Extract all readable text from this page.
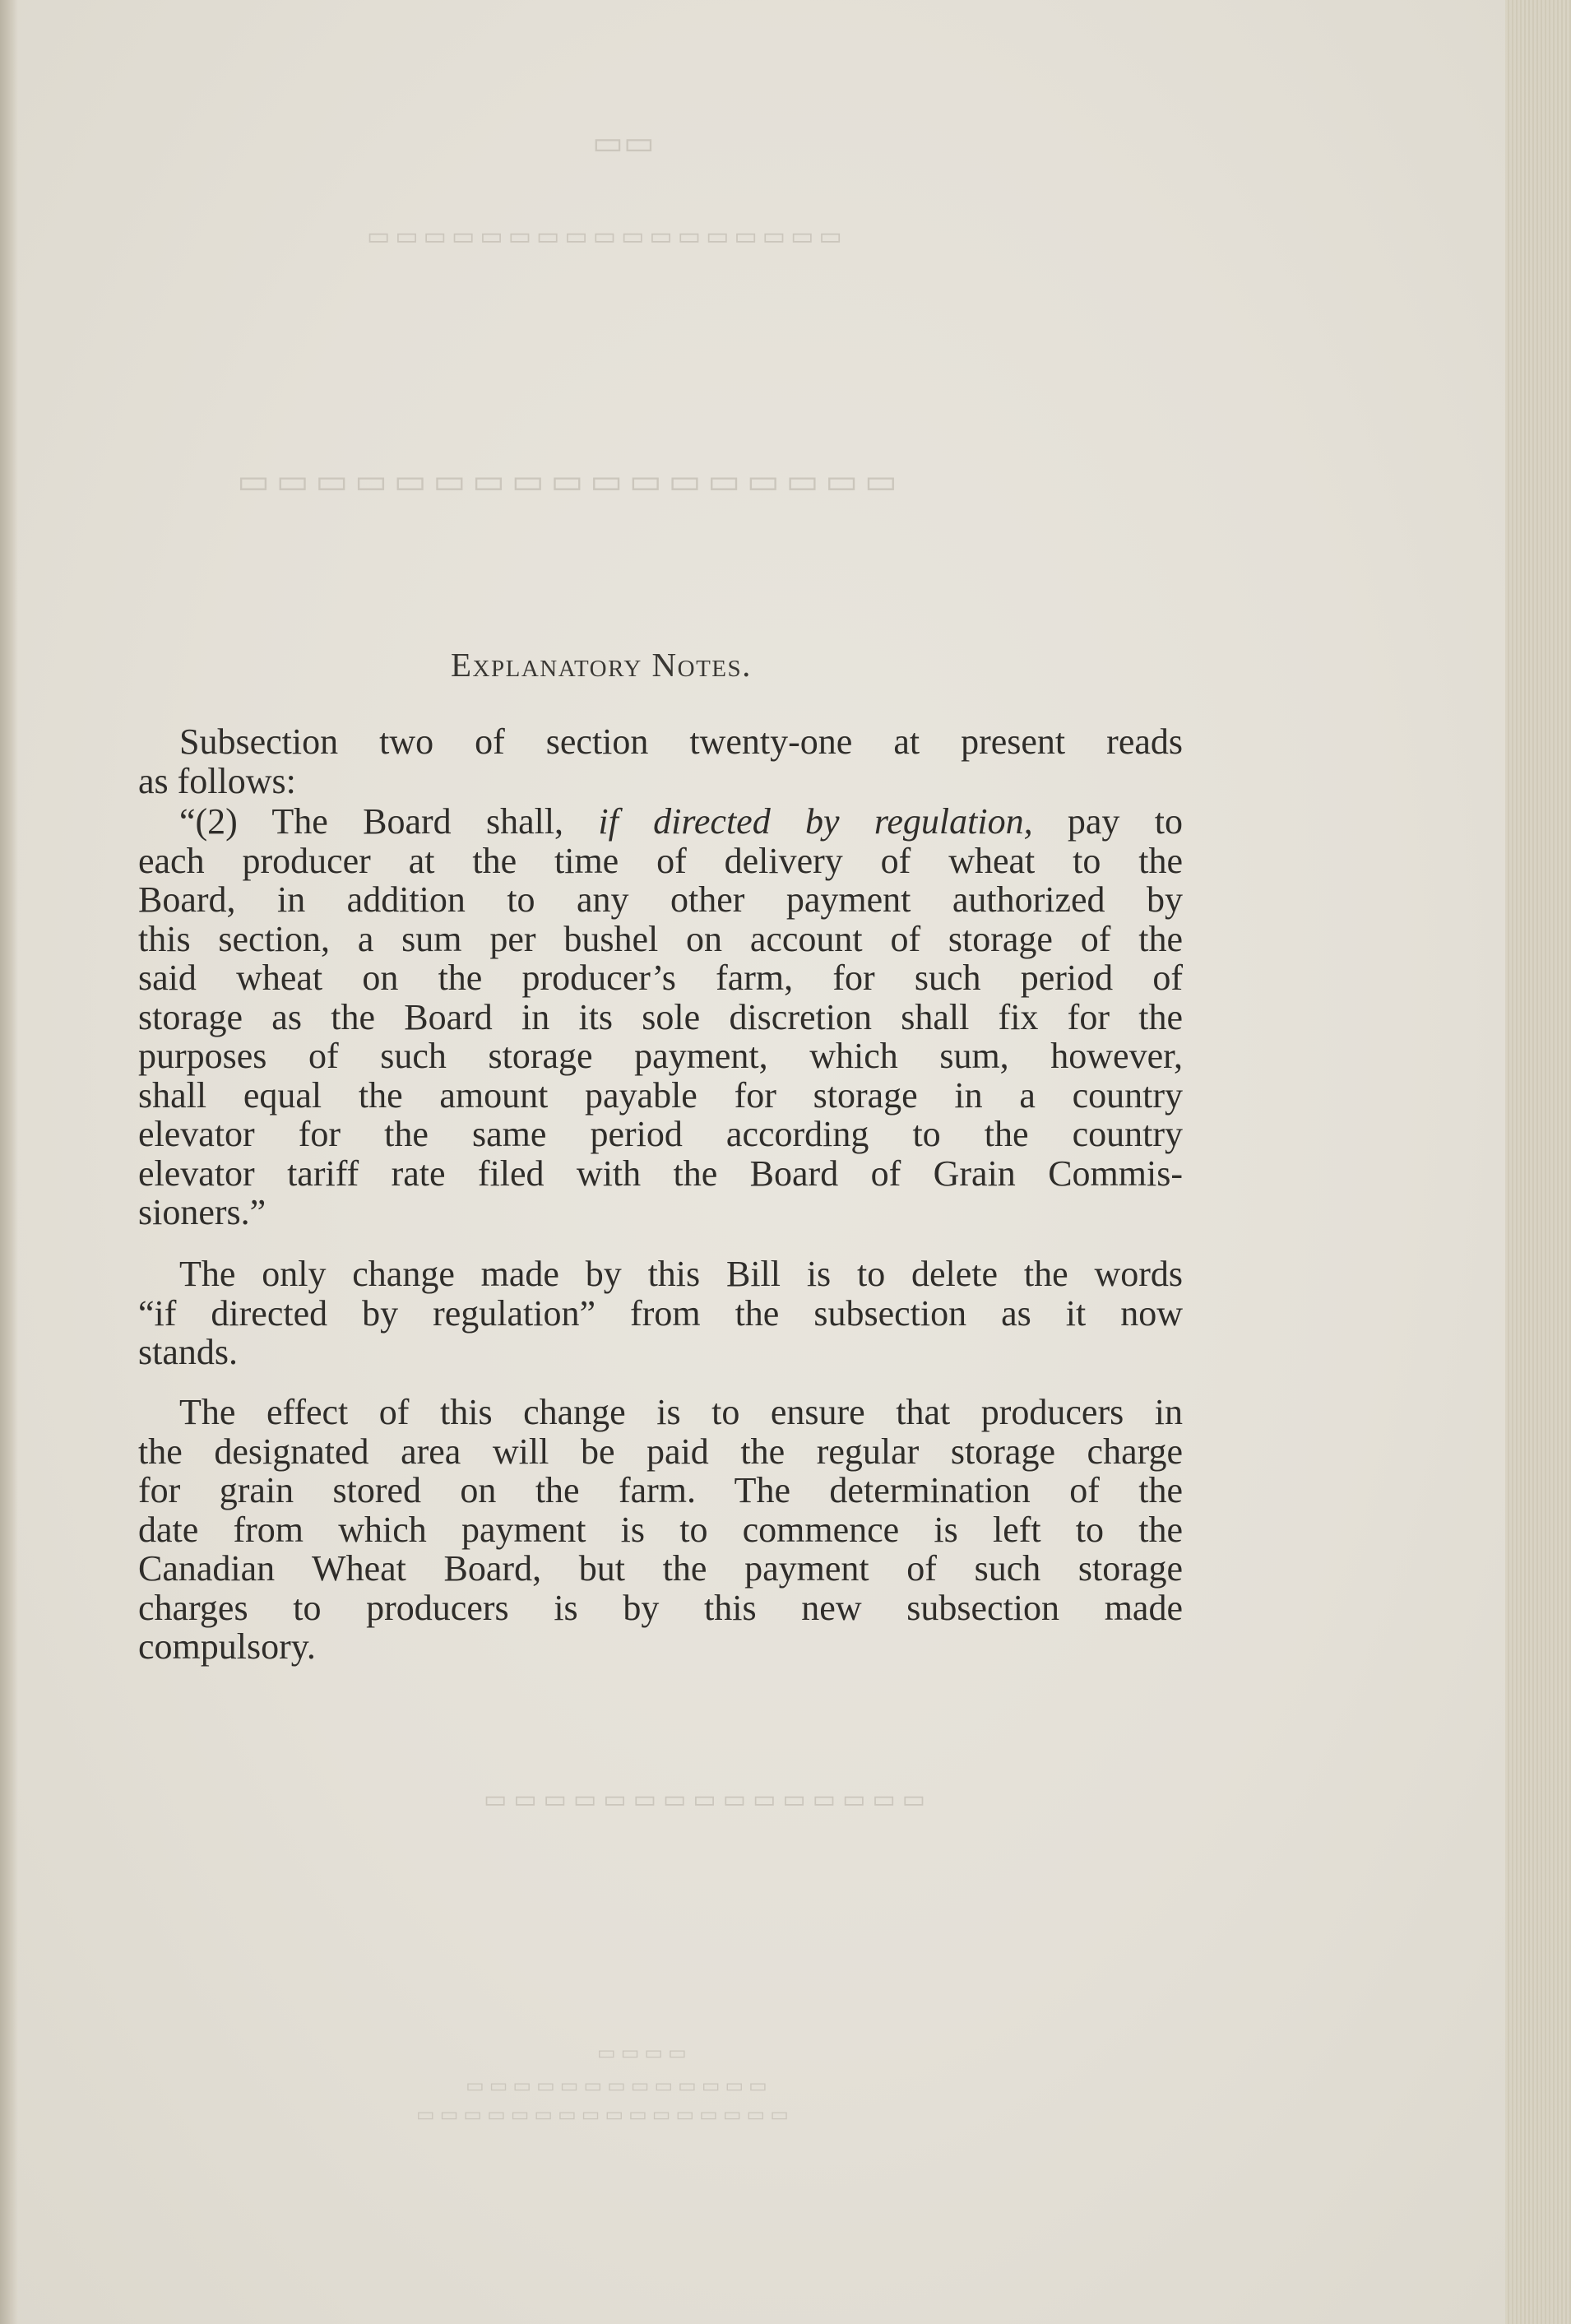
▭▭
▭▭▭▭▭▭▭▭▭▭▭▭▭▭▭▭▭
▭▭▭▭▭▭▭▭▭▭▭▭▭▭▭▭▭
▭▭▭▭▭▭▭▭▭▭▭▭▭▭▭
▭▭▭▭
▭▭▭▭▭▭▭▭▭▭▭▭▭
▭▭▭▭▭▭▭▭▭▭▭▭▭▭▭▭
Explanatory Notes.
Subsection two of section twenty-one at present reads
as follows:
“(2) The Board shall, if directed by regulation, pay to
each producer at the time of delivery of wheat to the
Board, in addition to any other payment authorized by
this section, a sum per bushel on account of storage of the
said wheat on the producer’s farm, for such period of
storage as the Board in its sole discretion shall fix for the
purposes of such storage payment, which sum, however,
shall equal the amount payable for storage in a country
elevator for the same period according to the country
elevator tariff rate filed with the Board of Grain Commis-
sioners.”
The only change made by this Bill is to delete the words
“if directed by regulation” from the subsection as it now
stands.
The effect of this change is to ensure that producers in
the designated area will be paid the regular storage charge
for grain stored on the farm. The determination of the
date from which payment is to commence is left to the
Canadian Wheat Board, but the payment of such storage
charges to producers is by this new subsection made
compulsory.
